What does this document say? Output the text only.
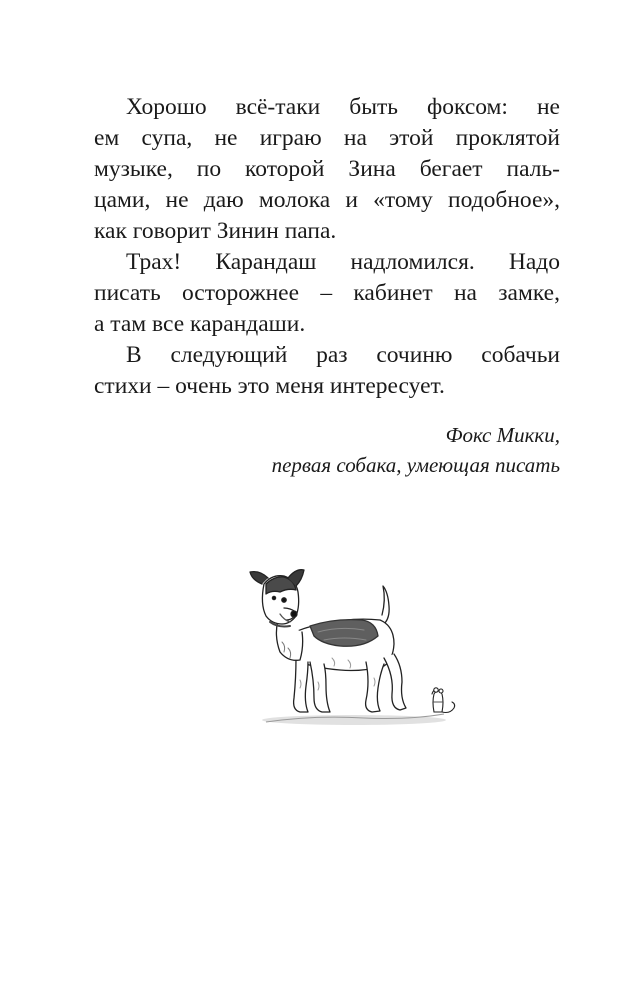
Хорошо всё-таки быть фоксом: не
ем супа, не играю на этой проклятой
музыке, по которой Зина бегает паль-
цами, не даю молока и «тому подобное»,
как говорит Зинин папа.
Трах! Карандаш надломился. Надо
писать осторожнее – кабинет на замке,
а там все карандаши.
В следующий раз сочиню собачьи
стихи – очень это меня интересует.
Фокс Микки,
первая собака, умеющая писать
